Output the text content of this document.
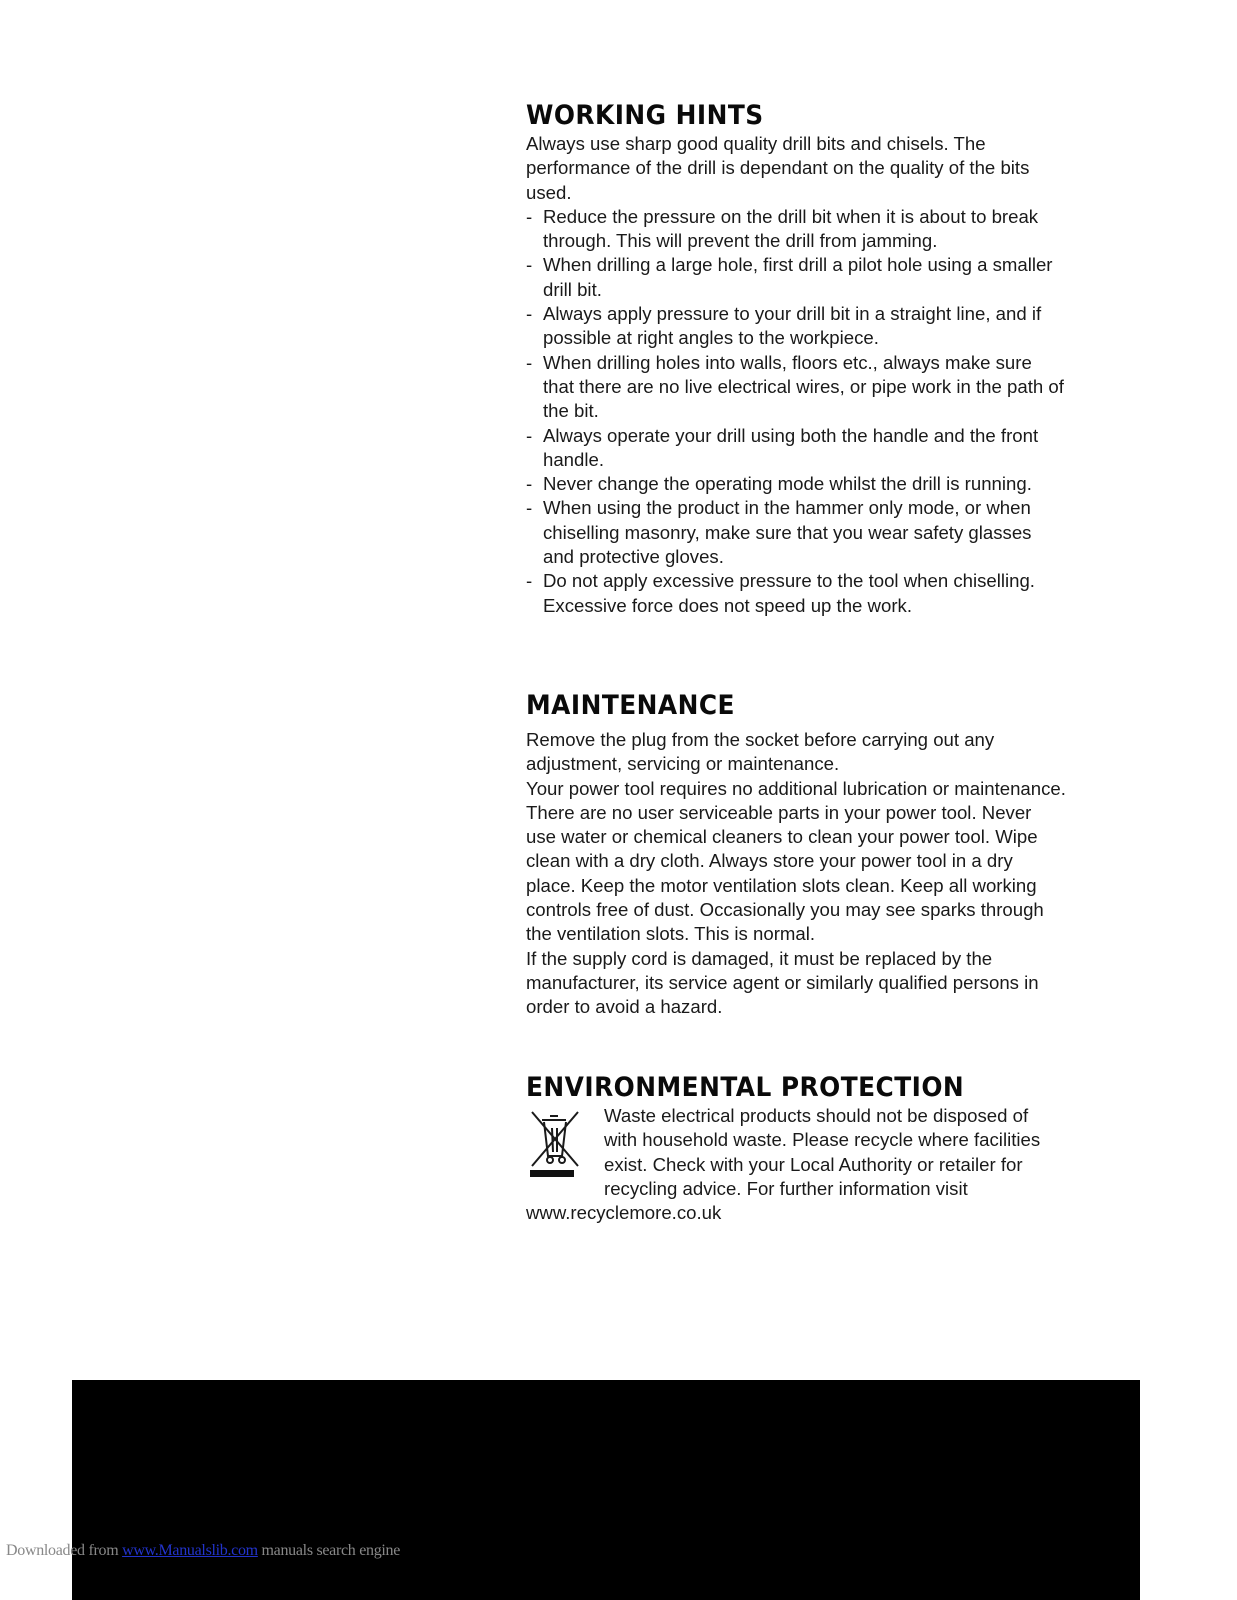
WORKING HINTS

Always use sharp good quality drill bits and chisels. The performance of the drill is dependant on the quality of the bits used.

- Reduce the pressure on the drill bit when it is about to break through. This will prevent the drill from jamming.
- When drilling a large hole, first drill a pilot hole using a smaller drill bit.
- Always apply pressure to your drill bit in a straight line, and if possible at right angles to the workpiece.
- When drilling holes into walls, floors etc., always make sure that there are no live electrical wires, or pipe work in the path of the bit.
- Always operate your drill using both the handle and the front handle.
- Never change the operating mode whilst the drill is running.
- When using the product in the hammer only mode, or when chiselling masonry, make sure that you wear safety glasses and protective gloves.
- Do not apply excessive pressure to the tool when chiselling. Excessive force does not speed up the work.
MAINTENANCE

Remove the plug from the socket before carrying out any adjustment, servicing or maintenance.

Your power tool requires no additional lubrication or maintenance. There are no user serviceable parts in your power tool. Never use water or chemical cleaners to clean your power tool. Wipe clean with a dry cloth. Always store your power tool in a dry place. Keep the motor ventilation slots clean. Keep all working controls free of dust. Occasionally you may see sparks through the ventilation slots. This is normal.

If the supply cord is damaged, it must be replaced by the manufacturer, its service agent or similarly qualified persons in order to avoid a hazard.

ENVIRONMENTAL PROTECTION

Waste electrical products should not be disposed of with household waste. Please recycle where facilities exist. Check with your Local Authority or retailer for recycling advice. For further information visit www.recyclemore.co.uk

Downloaded from www.Manualslib.com manuals search engine
